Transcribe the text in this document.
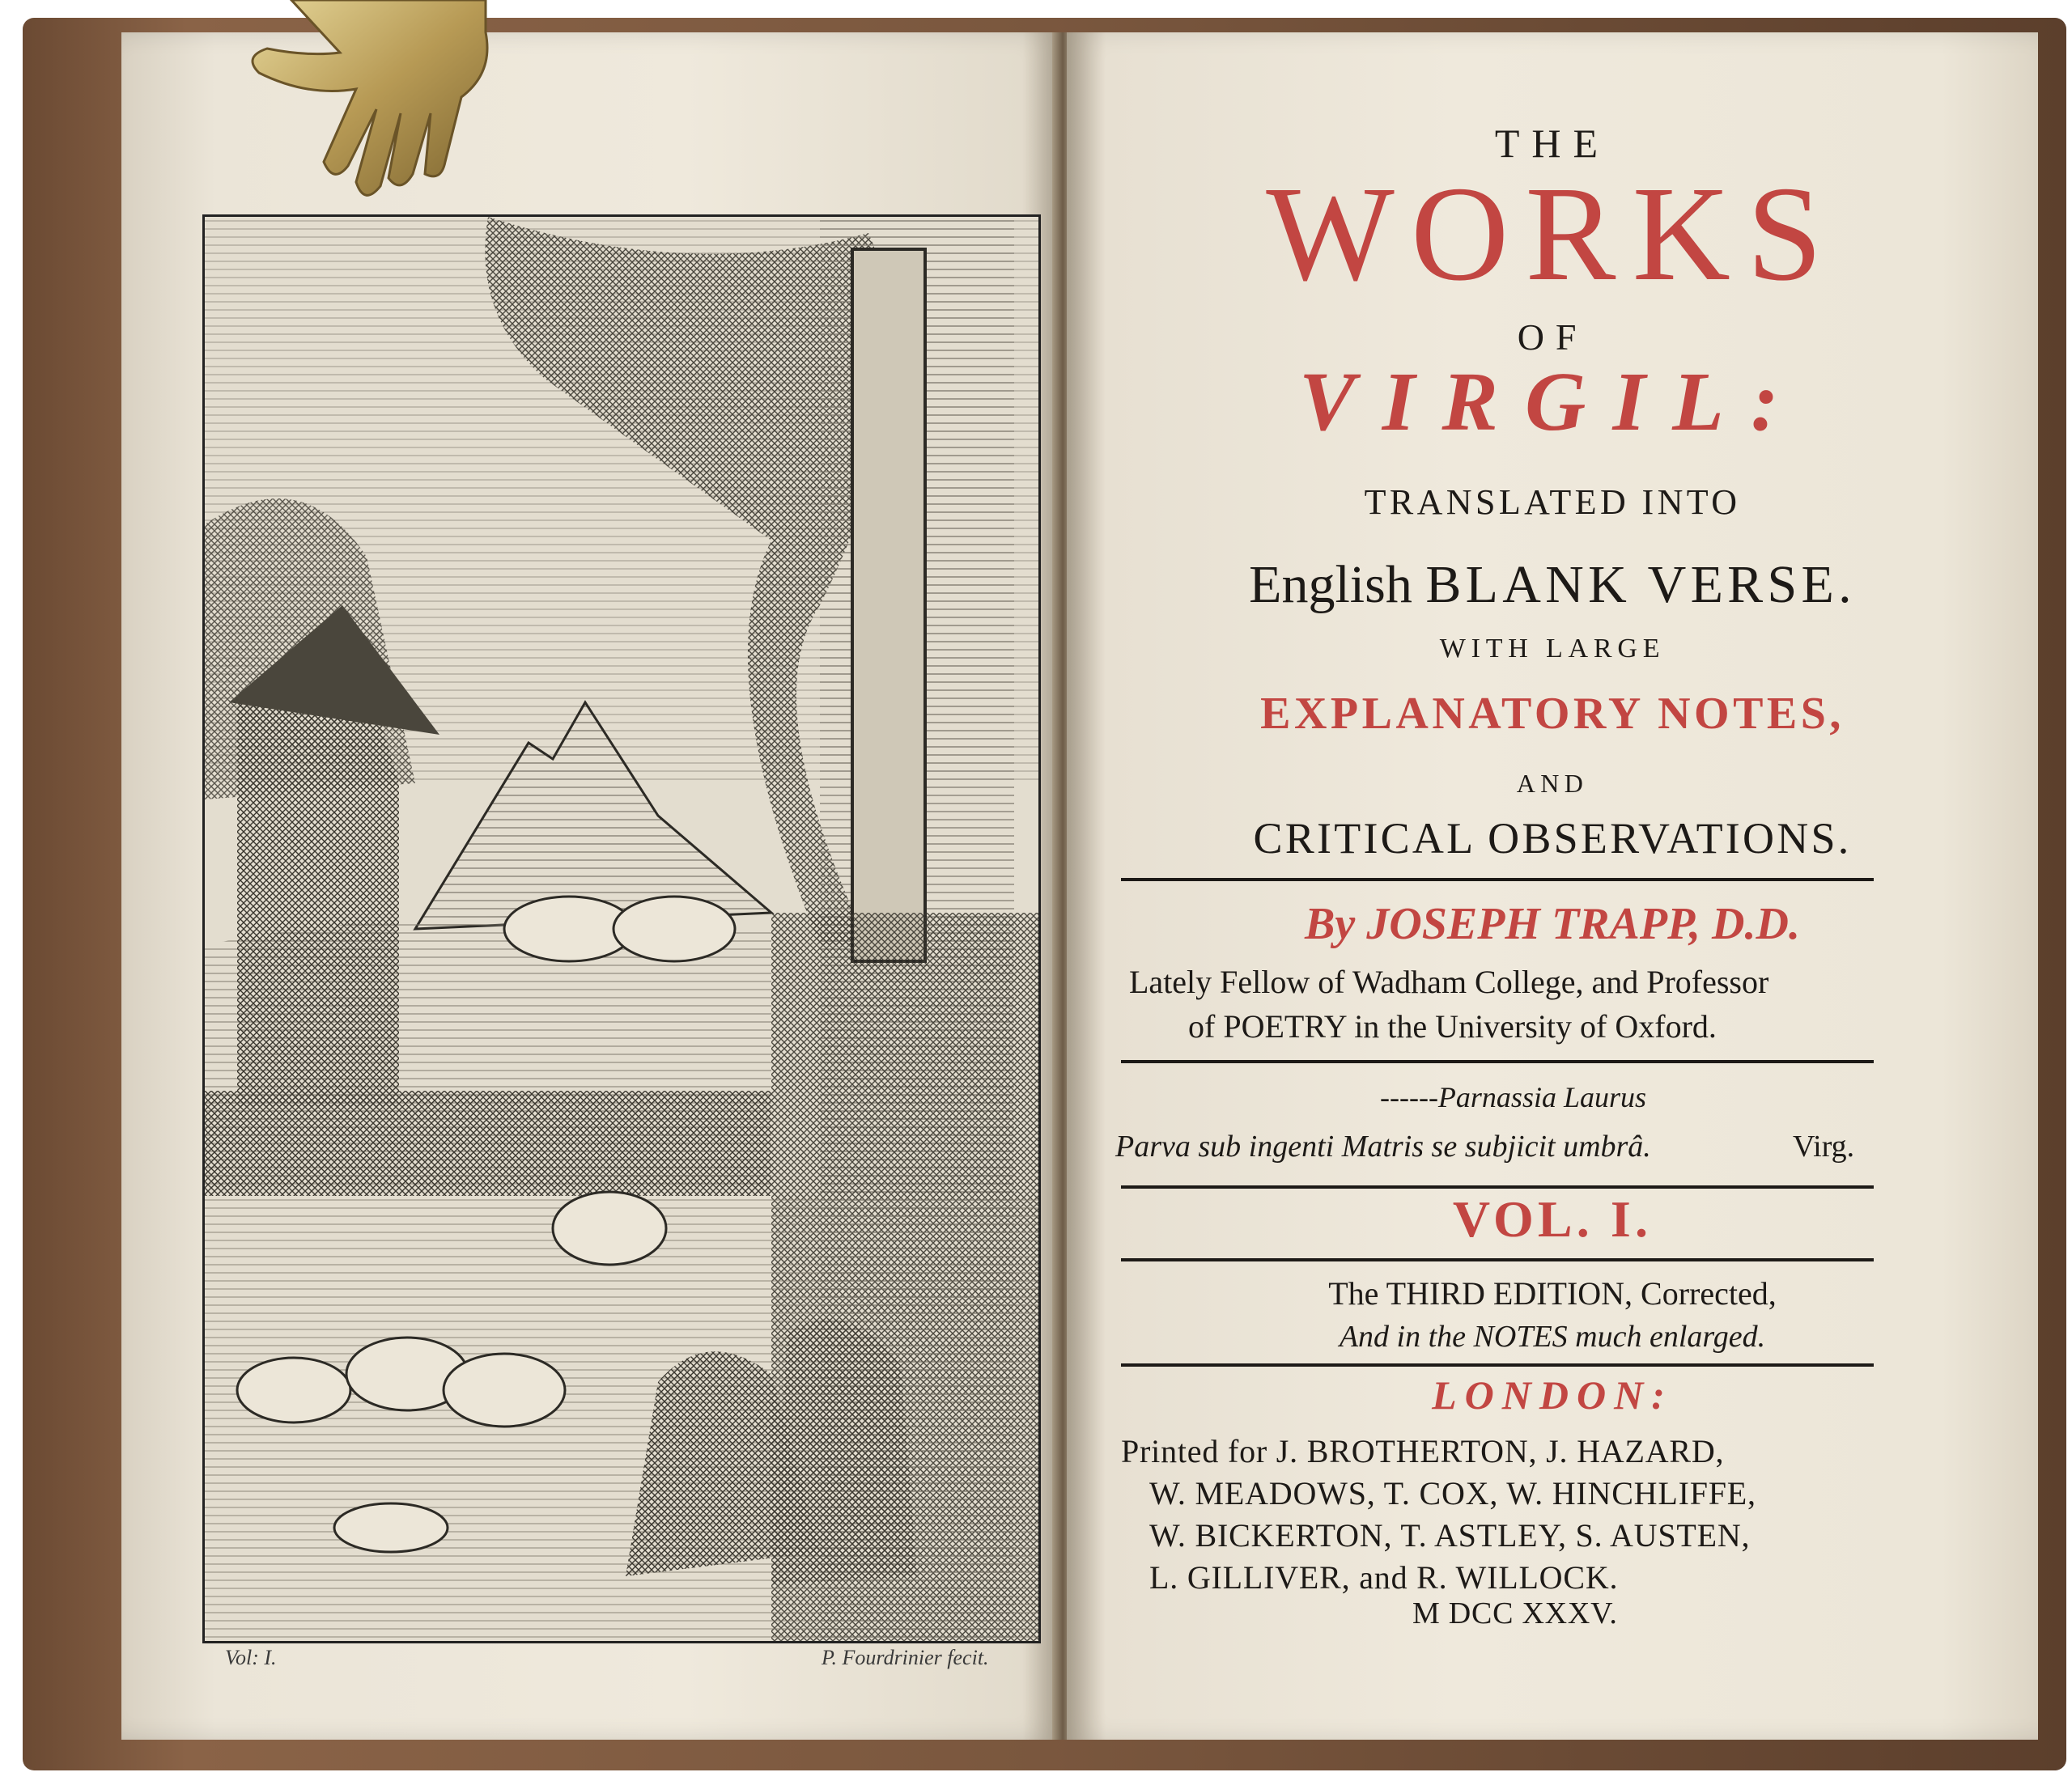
Vol: I.	P. Fourdrinier fecit.
THE
WORKS
OF
VIRGIL:
TRANSLATED INTO
English BLANK VERSE.
WITH LARGE
EXPLANATORY NOTES,
AND
CRITICAL OBSERVATIONS.
By JOSEPH TRAPP, D.D.
Lately Fellow of Wadham College, and Professor
of POETRY in the University of Oxford.
------Parnassia Laurus
Parva sub ingenti Matris se subjicit umbrâ.	Virg.
VOL. I.
The THIRD EDITION, Corrected,
And in the NOTES much enlarged.
LONDON:
Printed for J. BROTHERTON, J. HAZARD,
W. MEADOWS, T. COX, W. HINCHLIFFE,
W. BICKERTON, T. ASTLEY, S. AUSTEN,
L. GILLIVER, and R. WILLOCK.
M DCC XXXV.
